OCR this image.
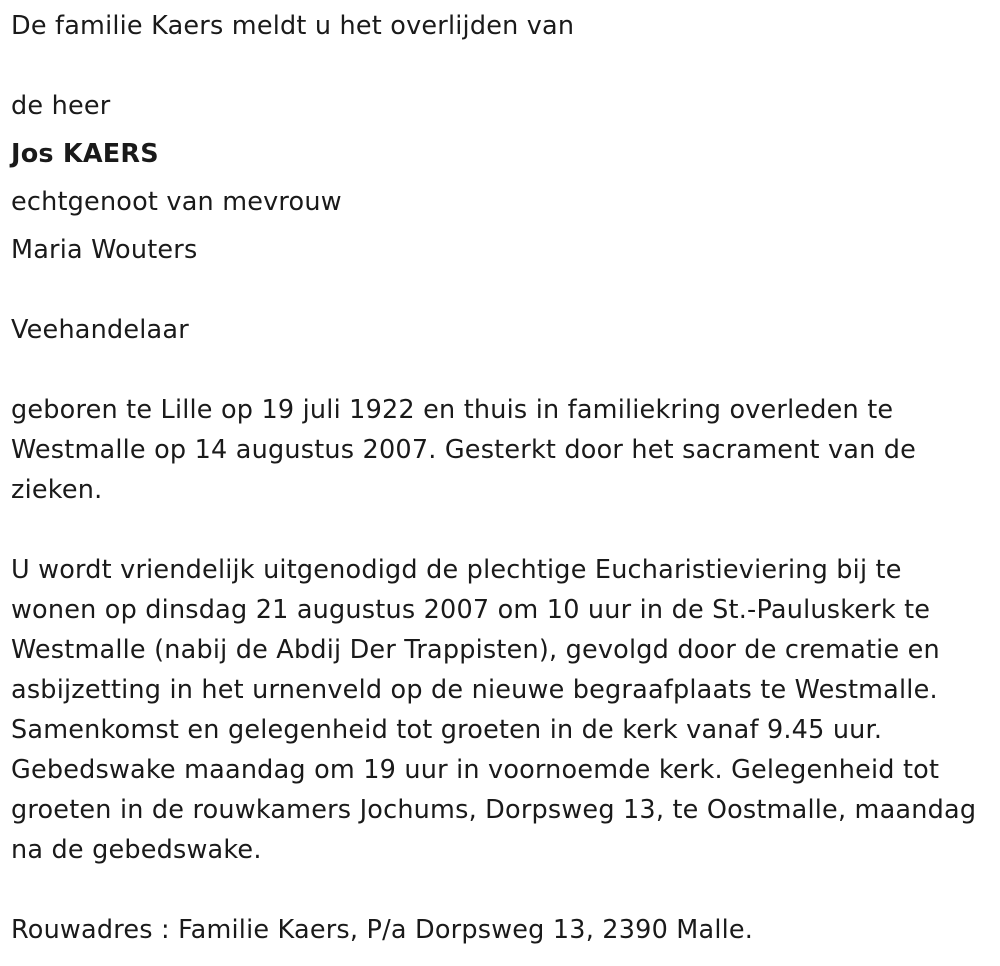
De familie Kaers meldt u het overlijden van
de heer
Jos KAERS
echtgenoot van mevrouw
Maria Wouters
Veehandelaar

geboren te Lille op 19 juli 1922 en thuis in familiekring overleden te Westmalle op 14 augustus 2007. Gesterkt door het sacrament van de zieken.

U wordt vriendelijk uitgenodigd de plechtige Eucharistieviering bij te wonen op dinsdag 21 augustus 2007 om 10 uur in de St.-Pauluskerk te Westmalle (nabij de Abdij Der Trappisten), gevolgd door de crematie en asbijzetting in het urnenveld op de nieuwe begraafplaats te Westmalle. Samenkomst en gelegenheid tot groeten in de kerk vanaf 9.45 uur. Gebedswake maandag om 19 uur in voornoemde kerk. Gelegenheid tot groeten in de rouwkamers Jochums, Dorpsweg 13, te Oostmalle, maandag na de gebedswake.

Rouwadres : Familie Kaers, P/a Dorpsweg 13, 2390 Malle.
